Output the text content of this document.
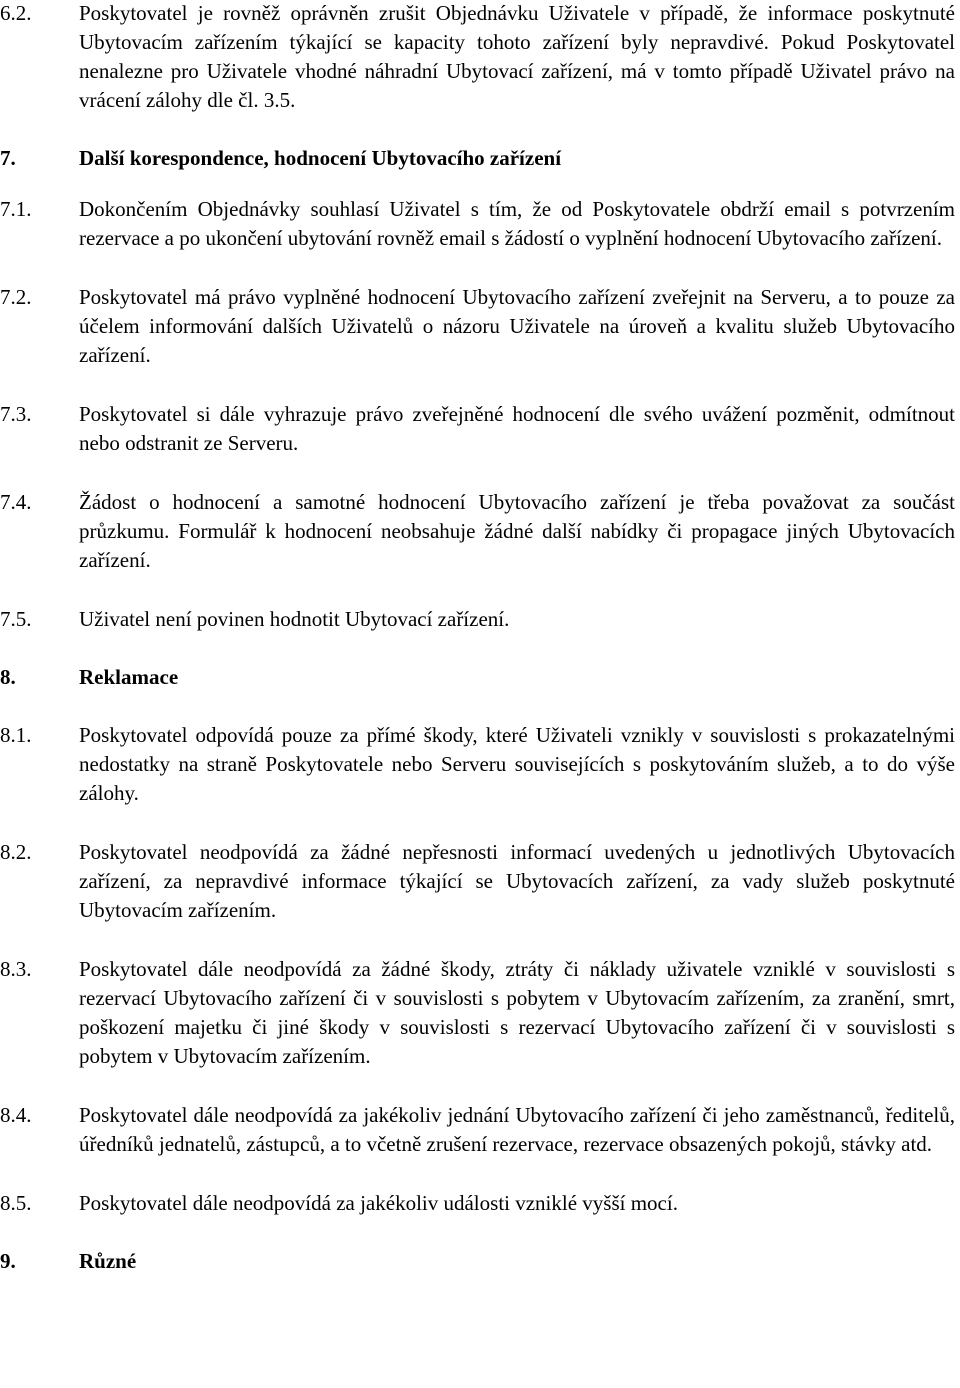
6.2.	Poskytovatel je rovněž oprávněn zrušit Objednávku Uživatele v případě, že informace poskytnuté Ubytovacím zařízením týkající se kapacity tohoto zařízení byly nepravdivé. Pokud Poskytovatel nenalezne pro Uživatele vhodné náhradní Ubytovací zařízení, má v tomto případě Uživatel právo na vrácení zálohy dle čl. 3.5.
7.	Další korespondence, hodnocení Ubytovacího zařízení
7.1.	Dokončením Objednávky souhlasí Uživatel s tím, že od Poskytovatele obdrží email s potvrzením rezervace a po ukončení ubytování rovněž email s žádostí o vyplnění hodnocení Ubytovacího zařízení.
7.2.	Poskytovatel má právo vyplněné hodnocení Ubytovacího zařízení zveřejnit na Serveru, a to pouze za účelem informování dalších Uživatelů o názoru Uživatele na úroveň a kvalitu služeb Ubytovacího zařízení.
7.3.	Poskytovatel si dále vyhrazuje právo zveřejněné hodnocení dle svého uvážení pozměnit, odmítnout nebo odstranit ze Serveru.
7.4.	Žádost o hodnocení a samotné hodnocení Ubytovacího zařízení je třeba považovat za součást průzkumu. Formulář k hodnocení neobsahuje žádné další nabídky či propagace jiných Ubytovacích zařízení.
7.5.	Uživatel není povinen hodnotit Ubytovací zařízení.
8.	Reklamace
8.1.	Poskytovatel odpovídá pouze za přímé škody, které Uživateli vznikly v souvislosti s prokazatelnými nedostatky na straně Poskytovatele nebo Serveru souvisejících s poskytováním služeb, a to do výše zálohy.
8.2.	Poskytovatel neodpovídá za žádné nepřesnosti informací uvedených u jednotlivých Ubytovacích zařízení, za nepravdivé informace týkající se Ubytovacích zařízení, za vady služeb poskytnuté Ubytovacím zařízením.
8.3.	Poskytovatel dále neodpovídá za žádné škody, ztráty či náklady uživatele vzniklé v souvislosti s rezervací Ubytovacího zařízení či v souvislosti s pobytem v Ubytovacím zařízením, za zranění, smrt, poškození majetku či jiné škody v souvislosti s rezervací Ubytovacího zařízení či v souvislosti s pobytem v Ubytovacím zařízením.
8.4.	Poskytovatel dále neodpovídá za jakékoliv jednání Ubytovacího zařízení či jeho zaměstnanců, ředitelů, úředníků jednatelů, zástupců, a to včetně zrušení rezervace, rezervace obsazených pokojů, stávky atd.
8.5.	Poskytovatel dále neodpovídá za jakékoliv události vzniklé vyšší mocí.
9.	Různé
